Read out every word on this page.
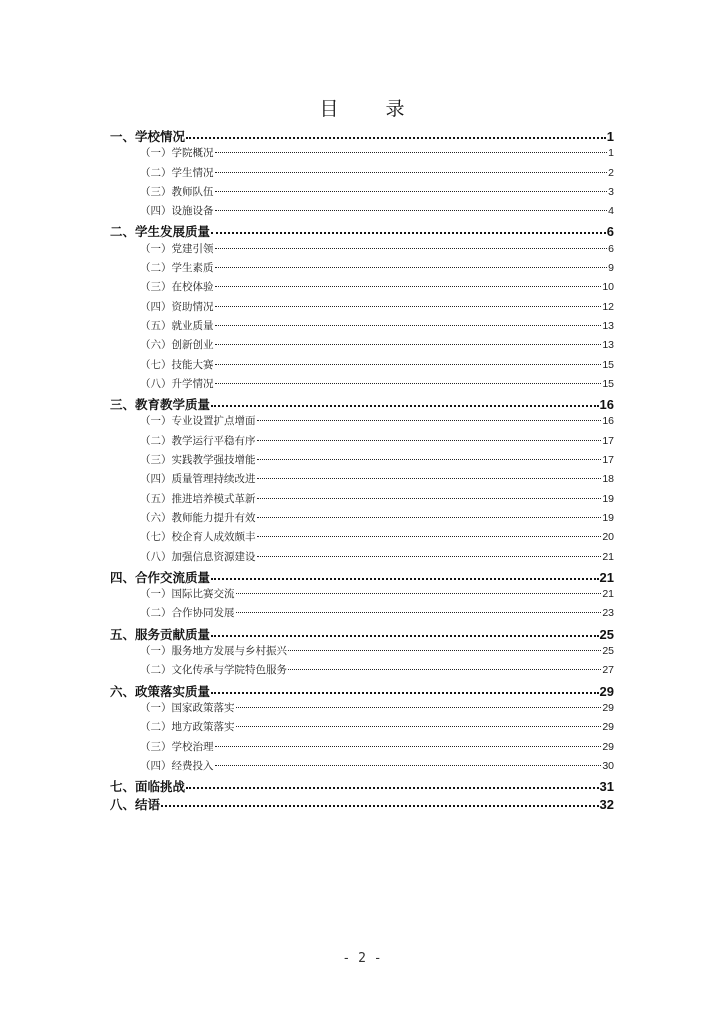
目　录
一、学校情况	1
（一）学院概况	1
（二）学生情况	2
（三）教师队伍	3
（四）设施设备	4
二、学生发展质量	6
（一）党建引领	6
（二）学生素质	9
（三）在校体验	10
（四）资助情况	12
（五）就业质量	13
（六）创新创业	13
（七）技能大赛	15
（八）升学情况	15
三、教育教学质量	16
（一）专业设置扩点增面	16
（二）教学运行平稳有序	17
（三）实践教学强技增能	17
（四）质量管理持续改进	18
（五）推进培养模式革新	19
（六）教师能力提升有效	19
（七）校企育人成效颇丰	20
（八）加强信息资源建设	21
四、合作交流质量	21
（一）国际比赛交流	21
（二）合作协同发展	23
五、服务贡献质量	25
（一）服务地方发展与乡村振兴	25
（二）文化传承与学院特色服务	27
六、政策落实质量	29
（一）国家政策落实	29
（二）地方政策落实	29
（三）学校治理	29
（四）经费投入	30
七、面临挑战	31
八、结语	32
- 2 -
